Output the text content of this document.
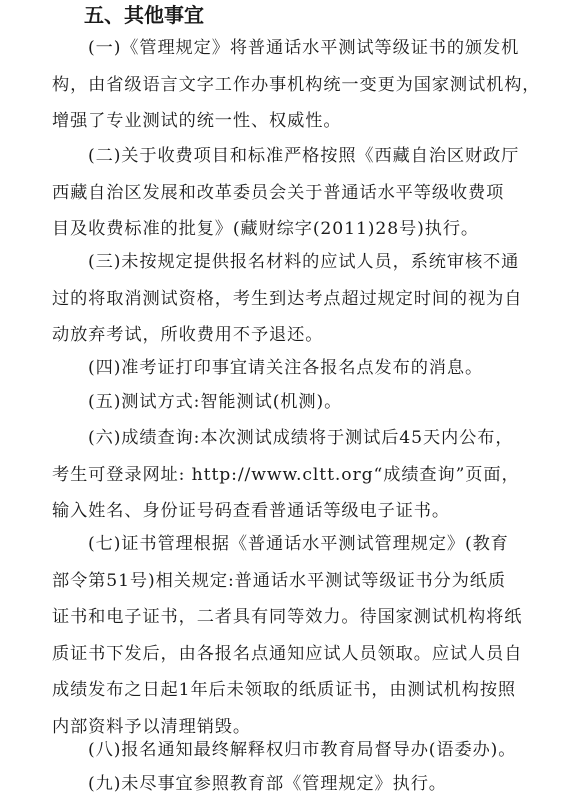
五、其他事宜

(一)《管理规定》将普通话水平测试等级证书的颁发机
构，由省级语言文字工作办事机构统一变更为国家测试机构，
增强了专业测试的统一性、权威性。

(二)关于收费项目和标准严格按照《西藏自治区财政厅
西藏自治区发展和改革委员会关于普通话水平等级收费项
目及收费标准的批复》(藏财综字(2011)28号)执行。

(三)未按规定提供报名材料的应试人员，系统审核不通
过的将取消测试资格，考生到达考点超过规定时间的视为自
动放弃考试，所收费用不予退还。

(四)准考证打印事宜请关注各报名点发布的消息。

(五)测试方式:智能测试(机测)。

(六)成绩查询:本次测试成绩将于测试后45天内公布，
考生可登录网址: http://www.cltt.org“成绩查询”页面，
输入姓名、身份证号码查看普通话等级电子证书。

(七)证书管理根据《普通话水平测试管理规定》(教育
部令第51号)相关规定:普通话水平测试等级证书分为纸质
证书和电子证书，二者具有同等效力。待国家测试机构将纸
质证书下发后，由各报名点通知应试人员领取。应试人员自
成绩发布之日起1年后未领取的纸质证书，由测试机构按照
内部资料予以清理销毁。

(八)报名通知最终解释权归市教育局督导办(语委办)。

(九)未尽事宜参照教育部《管理规定》执行。
